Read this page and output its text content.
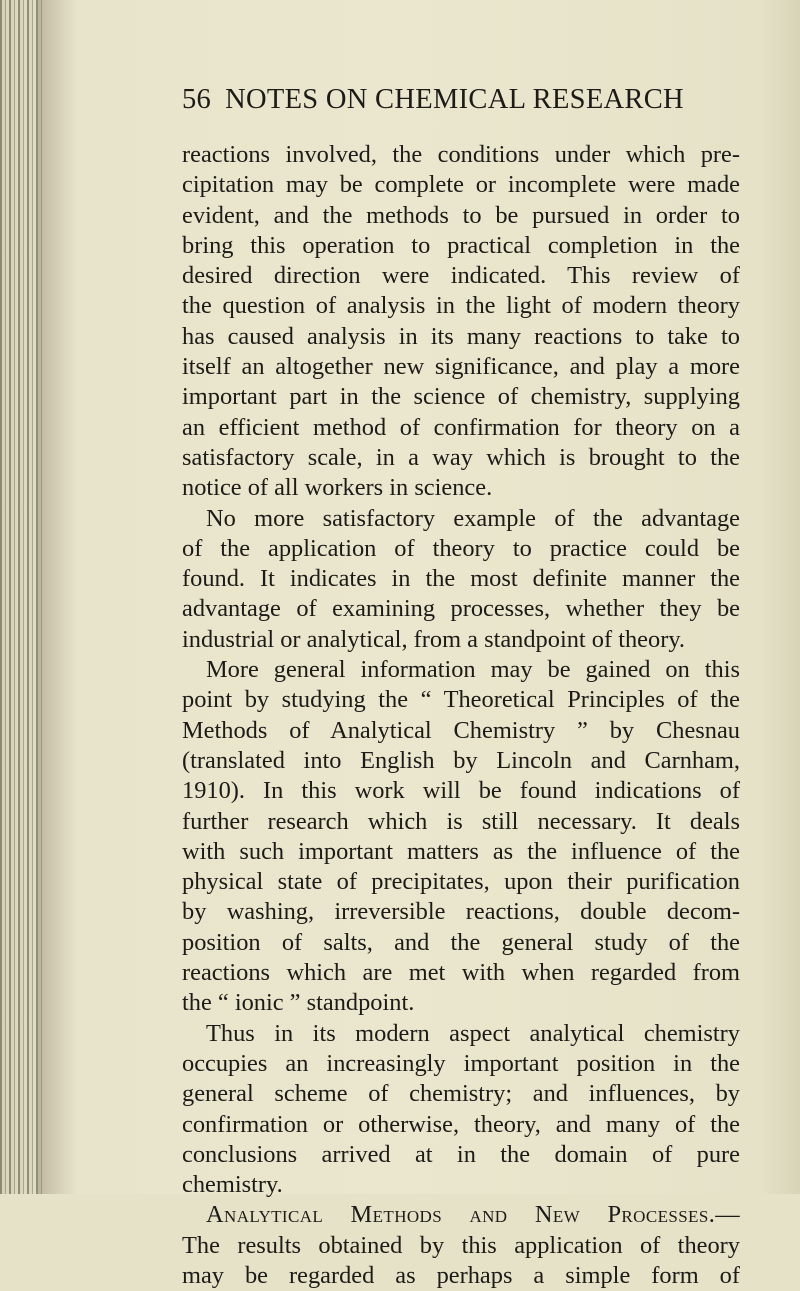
56 NOTES ON CHEMICAL RESEARCH
reactions involved, the conditions under which pre-
cipitation may be complete or incomplete were made
evident, and the methods to be pursued in order to
bring this operation to practical completion in the
desired direction were indicated. This review of
the question of analysis in the light of modern theory
has caused analysis in its many reactions to take to
itself an altogether new significance, and play a more
important part in the science of chemistry, supplying
an efficient method of confirmation for theory on a
satisfactory scale, in a way which is brought to the
notice of all workers in science.
No more satisfactory example of the advantage
of the application of theory to practice could be
found. It indicates in the most definite manner the
advantage of examining processes, whether they be
industrial or analytical, from a standpoint of theory.
More general information may be gained on this
point by studying the “ Theoretical Principles of the
Methods of Analytical Chemistry ” by Chesnau
(translated into English by Lincoln and Carnham,
1910). In this work will be found indications of
further research which is still necessary. It deals
with such important matters as the influence of the
physical state of precipitates, upon their purification
by washing, irreversible reactions, double decom-
position of salts, and the general study of the
reactions which are met with when regarded from
the “ ionic ” standpoint.
Thus in its modern aspect analytical chemistry
occupies an increasingly important position in the
general scheme of chemistry; and influences, by
confirmation or otherwise, theory, and many of the
conclusions arrived at in the domain of pure
chemistry.
Analytical Methods and New Processes.—
The results obtained by this application of theory
may be regarded as perhaps a simple form of
